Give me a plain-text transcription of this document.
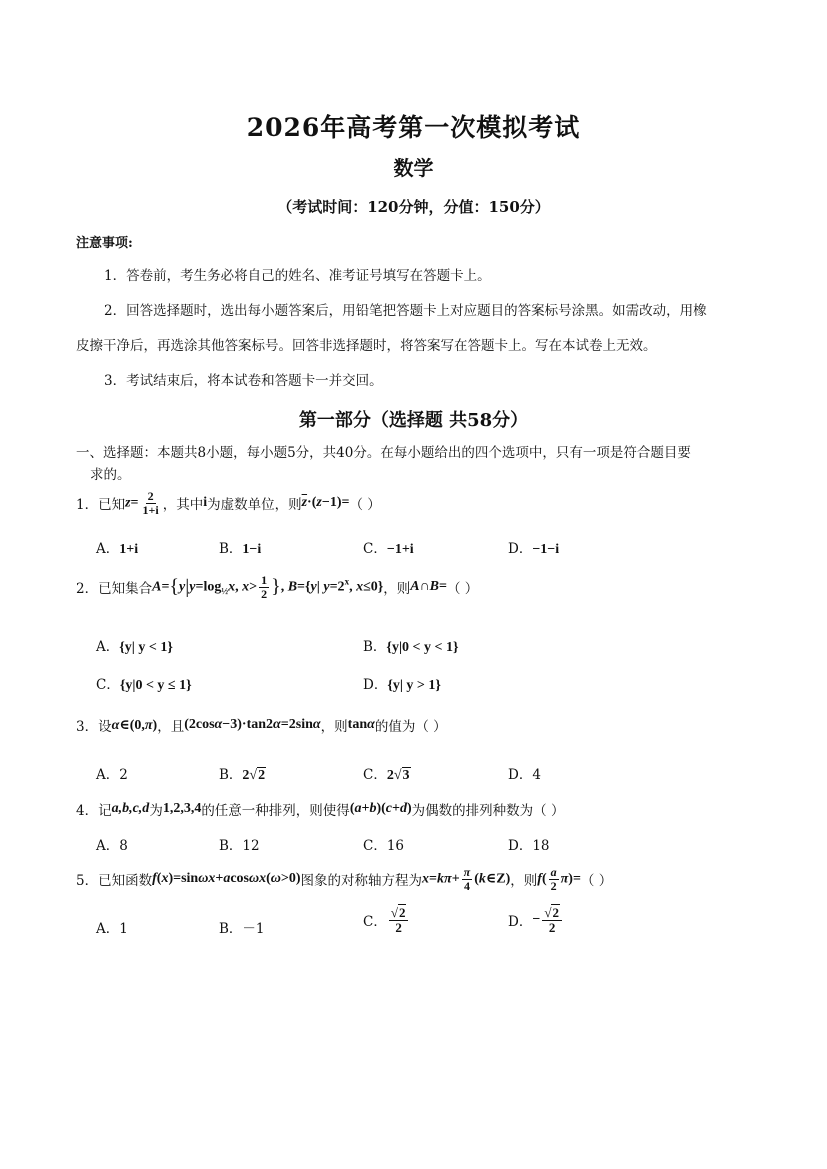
2026年高考第一次模拟考试
数学
（考试时间：120分钟，分值：150分）
注意事项:
1．答卷前，考生务必将自己的姓名、准考证号填写在答题卡上。
2．回答选择题时，选出每小题答案后，用铅笔把答题卡上对应题目的答案标号涂黑。如需改动，用橡
皮擦干净后，再选涂其他答案标号。回答非选择题时，将答案写在答题卡上。写在本试卷上无效。
3．考试结束后，将本试卷和答题卡一并交回。
第一部分（选择题 共58分）
一、选择题：本题共8小题，每小题5分，共40分。在每小题给出的四个选项中，只有一项是符合题目要
求的。
1．已知 $z= \frac{2}{1+i}$ ，其中 i 为虚数单位，则 $\overline{z}\cdot(z-1)=$ （ ）
A．1+i	B．1−i	C．−1+i	D．−1−i
2．已知集合 $A=\{y|y=\log_{\frac{1}{2}}x$, $x> \frac{1}{2}$ }, B={y| $y=2^x$, x≤0} ，则 A∩B= （ ）
A．{y| y < 1}	B．{y|0 < y < 1}
C．{y|0 < y ≤ 1}	D．{y| y > 1}
3．设 α∈(0,π) ，且 (2cosα−3)·tan2α=2sinα ，则 tanα 的值为（ ）
A．2	B．2√2	C．2√3	D．4
4．记 a,b,c,d 为 1,2,3,4 的任意一种排列，则使得 (a+b)(c+d) 为偶数的排列种数为（ ）
A．8	B．12	C．16	D．18
5．已知函数 f(x)=sinωx+acosωx(ω>0) 图象的对称轴方程为 $x=k\pi+ \frac{\pi}{4}$ (k∈Z) ，则 $f( \frac{a}{2} \pi)=$ （ ）
A．1	B．－1	C． $\frac{√2}{2}$	D． − $\frac{√2}{2}$
